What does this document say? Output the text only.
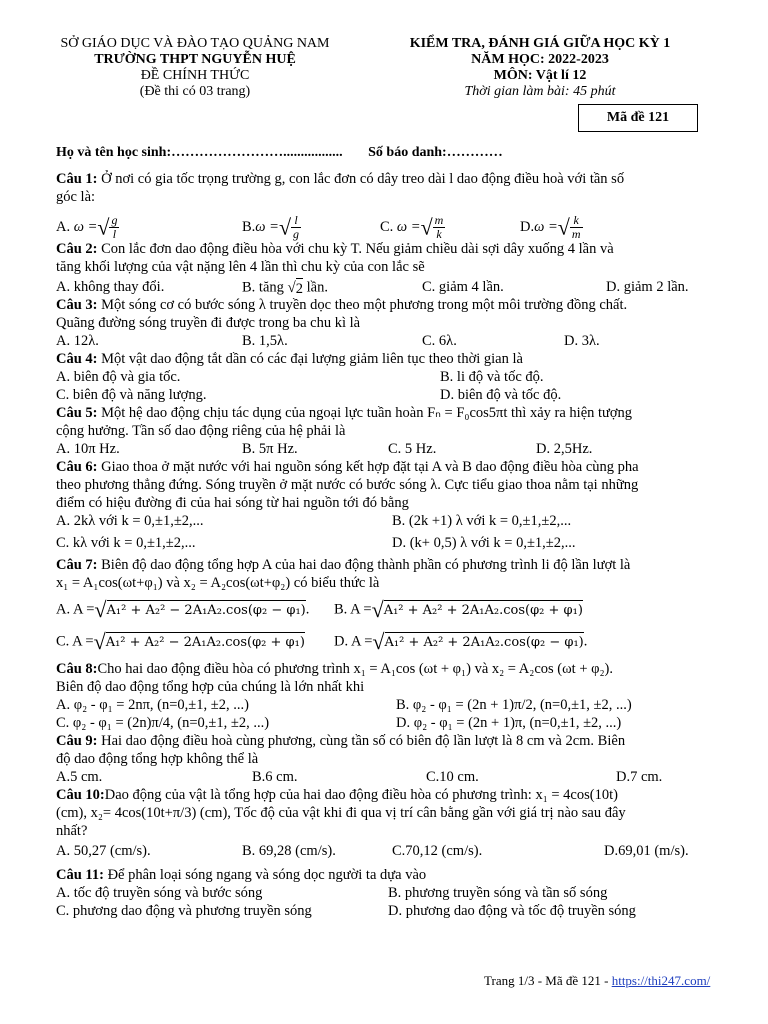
SỞ GIÁO DỤC VÀ ĐÀO TẠO QUẢNG NAM
TRƯỜNG THPT NGUYỄN HUỆ
ĐỀ CHÍNH THỨC
(Đề thi có 03 trang)
KIỂM TRA, ĐÁNH GIÁ GIỮA HỌC KỲ 1
NĂM HỌC: 2022-2023
MÔN: Vật lí 12
Thời gian làm bài: 45 phút
Mã đề 121
Họ và tên học sinh:……………………................. Số báo danh:…………
Câu 1: Ở nơi có gia tốc trọng trường g, con lắc đơn có dây treo dài l dao động điều hoà với tần số
góc là:
A. ω =√ $\frac{g}{l}$	B.ω =√ $\frac{l}{g}$	C. ω =√ $\frac{m}{k}$	D.ω =√ $\frac{k}{m}$
Câu 2: Con lắc đơn dao động điều hòa với chu kỳ T. Nếu giảm chiều dài sợi dây xuống 4 lần và
tăng khối lượng của vật nặng lên 4 lần thì chu kỳ của con lắc sẽ
A. không thay đổi.	B. tăng √2 lần.	C. giảm 4 lần.	D. giảm 2 lần.
Câu 3: Một sóng cơ có bước sóng λ truyền dọc theo một phương trong một môi trường đồng chất.
Quãng đường sóng truyền đi được trong ba chu kì là
A. 12λ.	B. 1,5λ.	C. 6λ.	D. 3λ.
Câu 4: Một vật dao động tắt dần có các đại lượng giảm liên tục theo thời gian là
A. biên độ và gia tốc.	B. li độ và tốc độ.
C. biên độ và năng lượng.	D. biên độ và tốc độ.
Câu 5: Một hệ dao động chịu tác dụng của ngoại lực tuần hoàn Fₙ = F₀cos5πt thì xảy ra hiện tượng
cộng hưởng. Tần số dao động riêng của hệ phải là
A. 10π Hz.	B. 5π Hz.	C. 5 Hz.	D. 2,5Hz.
Câu 6: Giao thoa ở mặt nước với hai nguồn sóng kết hợp đặt tại A và B dao động điều hòa cùng pha
theo phương thẳng đứng. Sóng truyền ở mặt nước có bước sóng λ. Cực tiểu giao thoa nằm tại những
điểm có hiệu đường đi của hai sóng từ hai nguồn tới đó bằng
A. 2kλ với k = 0,±1,±2,...	B. (2k +1) λ với k = 0,±1,±2,...
C. kλ với k = 0,±1,±2,...	D. (k+ 0,5) λ với k = 0,±1,±2,...
Câu 7: Biên độ dao động tổng hợp A của hai dao động thành phần có phương trình li độ lần lượt là
x₁ = A₁cos(ωt+φ₁) và x₂ = A₂cos(ωt+φ₂) có biểu thức là
A. A =√A₁² + A₂² − 2A₁A₂.cos(φ₂ − φ₁). B. A =√A₁² + A₂² + 2A₁A₂.cos(φ₂ + φ₁)
C. A =√A₁² + A₂² − 2A₁A₂.cos(φ₂ + φ₁) D. A =√A₁² + A₂² + 2A₁A₂.cos(φ₂ − φ₁).
Câu 8:Cho hai dao động điều hòa có phương trình x₁ = A₁cos (ωt + φ₁) và x₂ = A₂cos (ωt + φ₂).
Biên độ dao động tổng hợp của chúng là lớn nhất khi
A. φ₂ - φ₁ = 2nπ, (n=0,±1, ±2, ...)	B. φ₂ - φ₁ = (2n + 1)π/2, (n=0,±1, ±2, ...)
C. φ₂ - φ₁ = (2n)π/4, (n=0,±1, ±2, ...)	D. φ₂ - φ₁ = (2n + 1)π, (n=0,±1, ±2, ...)
Câu 9: Hai dao động điều hoà cùng phương, cùng tần số có biên độ lần lượt là 8 cm và 2cm. Biên
độ dao động tổng hợp không thể là
A.5 cm.	B.6 cm.	C.10 cm.	D.7 cm.
Câu 10:Dao động của vật là tổng hợp của hai dao động điều hòa có phương trình: x₁ = 4cos(10t)
(cm), x₂= 4cos(10t+π/3) (cm), Tốc độ của vật khi đi qua vị trí cân bằng gần với giá trị nào sau đây
nhất?
A. 50,27 (cm/s).	B. 69,28 (cm/s).	C.70,12 (cm/s).	D.69,01 (m/s).
Câu 11: Để phân loại sóng ngang và sóng dọc người ta dựa vào
A. tốc độ truyền sóng và bước sóng	B. phương truyền sóng và tần số sóng
C. phương dao động và phương truyền sóng	D. phương dao động và tốc độ truyền sóng
Trang 1/3 - Mã đề 121 - https://thi247.com/
